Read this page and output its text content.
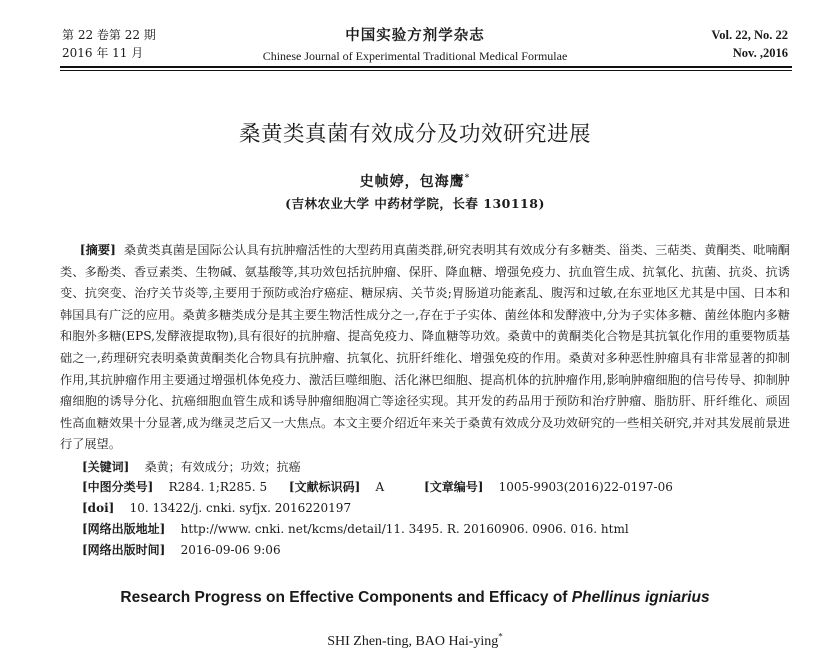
第 22 卷第 22 期
2016 年 11 月
中国实验方剂学杂志
Chinese Journal of Experimental Traditional Medical Formulae
Vol. 22, No. 22
Nov. ,2016
桑黄类真菌有效成分及功效研究进展
史帧婷，包海鹰*
(吉林农业大学 中药材学院，长春 130118)
[摘要] 桑黄类真菌是国际公认具有抗肿瘤活性的大型药用真菌类群,研究表明其有效成分有多糖类、甾类、三萜类、黄酮类、吡喃酮类、多酚类、香豆素类、生物碱、氨基酸等,其功效包括抗肿瘤、保肝、降血糖、增强免疫力、抗血管生成、抗氧化、抗菌、抗炎、抗诱变、抗突变、治疗关节炎等,主要用于预防或治疗癌症、糖尿病、关节炎;胃肠道功能紊乱、腹泻和过敏,在东亚地区尤其是中国、日本和韩国具有广泛的应用。桑黄多糖类成分是其主要生物活性成分之一,存在于子实体、菌丝体和发酵液中,分为子实体多糖、菌丝体胞内多糖和胞外多糖(EPS,发酵液提取物),具有很好的抗肿瘤、提高免疫力、降血糖等功效。桑黄中的黄酮类化合物是其抗氧化作用的重要物质基础之一,药理研究表明桑黄黄酮类化合物具有抗肿瘤、抗氧化、抗肝纤维化、增强免疫的作用。桑黄对多种恶性肿瘤具有非常显著的抑制作用,其抗肿瘤作用主要通过增强机体免疫力、激活巨噬细胞、活化淋巴细胞、提高机体的抗肿瘤作用,影响肿瘤细胞的信号传导、抑制肿瘤细胞的诱导分化、抗癌细胞血管生成和诱导肿瘤细胞凋亡等途径实现。其开发的药品用于预防和治疗肿瘤、脂肪肝、肝纤维化、顽固性高血糖效果十分显著,成为继灵芝后又一大焦点。本文主要介绍近年来关于桑黄有效成分及功效研究的一些相关研究,并对其发展前景进行了展望。
[关键词] 桑黄；有效成分；功效；抗癌
[中图分类号] R284. 1;R285. 5 [文献标识码] A	[文章编号] 1005-9903(2016)22-0197-06
[doi] 10. 13422/j. cnki. syfjx. 2016220197
[网络出版地址] http://www. cnki. net/kcms/detail/11. 3495. R. 20160906. 0906. 016. html
[网络出版时间] 2016-09-06 9:06
Research Progress on Effective Components and Efficacy of Phellinus igniarius
SHI Zhen-ting, BAO Hai-ying*
